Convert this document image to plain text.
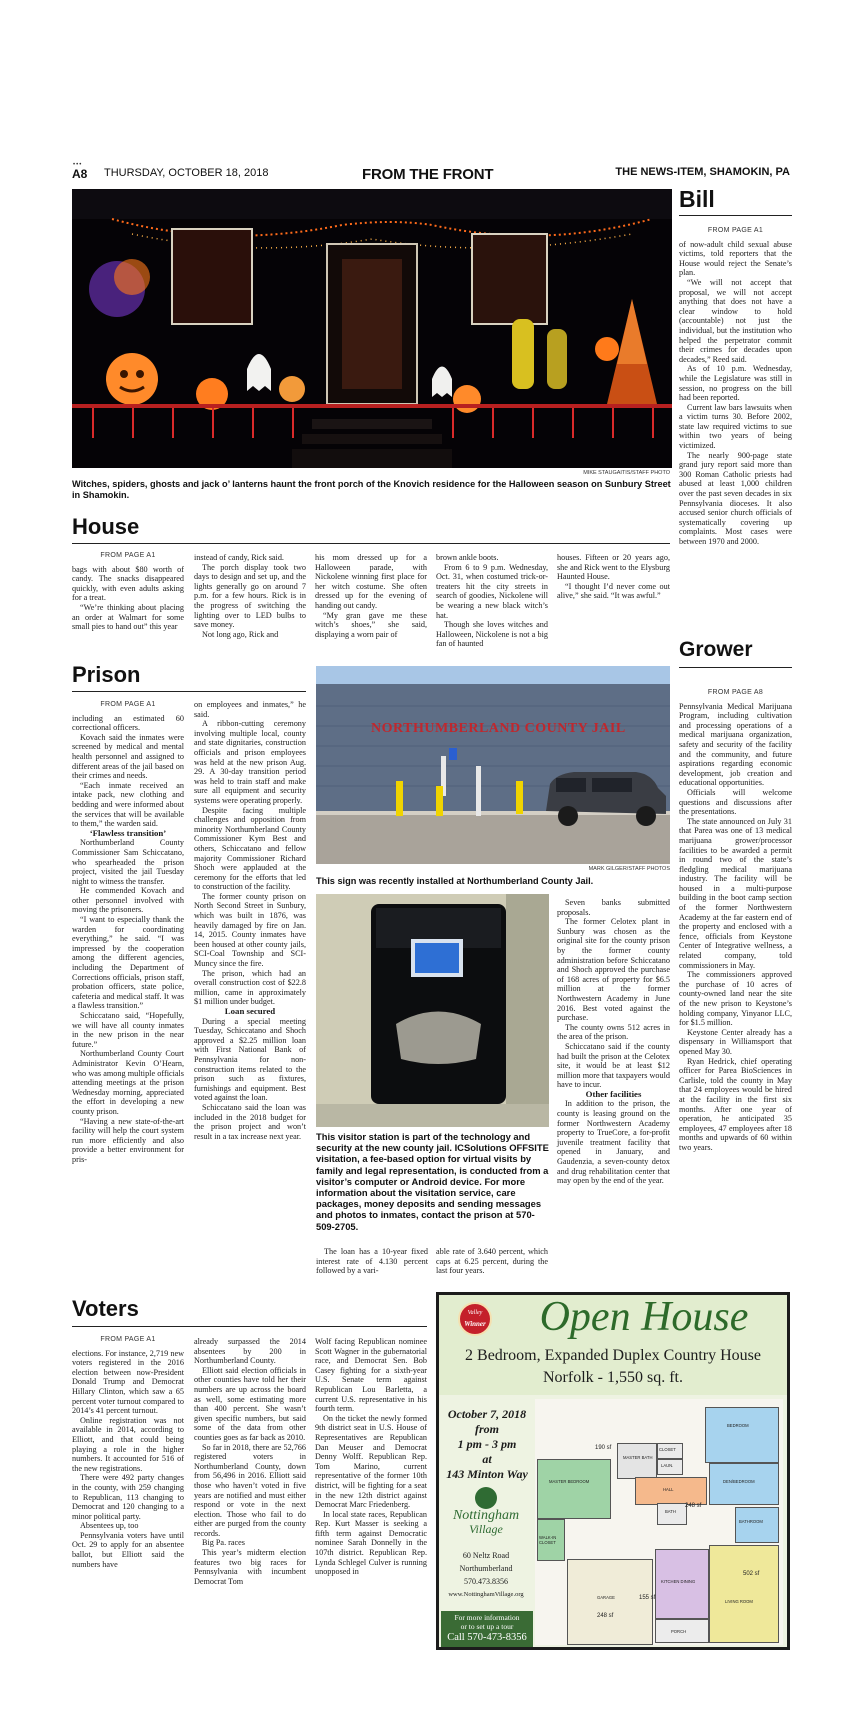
•••
A8 THURSDAY, OCTOBER 18, 2018	FROM THE FRONT	THE NEWS-ITEM, SHAMOKIN, PA
MIKE STAUGAITIS/STAFF PHOTO
Witches, spiders, ghosts and jack o’ lanterns haunt the front porch of the Knovich residence for the Halloween season on Sunbury Street in Shamokin.
Bill
FROM PAGE A1

of now-adult child sexual abuse victims, told reporters that the House would reject the Senate’s plan.

“We will not accept that proposal, we will not accept anything that does not have a clear window to hold (accountable) not just the individual, but the institution who helped the perpetrator commit their crimes for decades upon decades,” Reed said.

As of 10 p.m. Wednesday, while the Legislature was still in session, no progress on the bill had been reported.

Current law bars lawsuits when a victim turns 30. Before 2002, state law required victims to sue within two years of being victimized.

The nearly 900-page state grand jury report said more than 300 Roman Catholic priests had abused at least 1,000 children over the past seven decades in six Pennsylvania dioceses. It also accused senior church officials of systematically covering up complaints. Most cases were between 1970 and 2000.

House
FROM PAGE A1

bags with about $80 worth of candy. The snacks disappeared quickly, with even adults asking for a treat.

“We’re thinking about placing an order at Walmart for some small pies to hand out” this year

instead of candy, Rick said.

The porch display took two days to design and set up, and the lights generally go on around 7 p.m. for a few hours. Rick is in the progress of switching the lighting over to LED bulbs to save money.

Not long ago, Rick and

his mom dressed up for a Halloween parade, with Nickolene winning first place for her witch costume. She often dressed up for the evening of handing out candy.

“My gran gave me these witch’s shoes,” she said, displaying a worn pair of

brown ankle boots.

From 6 to 9 p.m. Wednesday, Oct. 31, when costumed trick-or-treaters hit the city streets in search of goodies, Nickolene will be wearing a new black witch’s hat.

Though she loves witches and Halloween, Nickolene is not a big fan of haunted

houses. Fifteen or 20 years ago, she and Rick went to the Elysburg Haunted House.

“I thought I’d never come out alive,” she said. “It was awful.”

Prison
FROM PAGE A1

including an estimated 60 correctional officers.

Kovach said the inmates were screened by medical and mental health personnel and assigned to different areas of the jail based on their crimes and needs.

“Each inmate received an intake pack, new clothing and bedding and were informed about the services that will be available to them,” the warden said.

‘Flawless transition’

Northumberland County Commissioner Sam Schiccatano, who spearheaded the prison project, visited the jail Tuesday night to witness the transfer.

He commended Kovach and other personnel involved with moving the prisoners.

“I want to especially thank the warden for coordinating everything,” he said. “I was impressed by the cooperation among the different agencies, including the Department of Corrections officials, prison staff, probation officers, state police, cafeteria and medical staff. It was a flawless transition.”

Schiccatano said, “Hopefully, we will have all county inmates in the new prison in the near future.”

Northumberland County Court Administrator Kevin O’Hearn, who was among multiple officials attending meetings at the prison Wednesday morning, appreciated the effort in developing a new county prison.

“Having a new state-of-the-art facility will help the court system run more efficiently and also provide a better environment for pris-

on employees and inmates,” he said.

A ribbon-cutting ceremony involving multiple local, county and state dignitaries, construction officials and prison employees was held at the new prison Aug. 29. A 30-day transition period was held to train staff and make sure all equipment and security systems were operating properly.

Despite facing multiple challenges and opposition from minority Northumberland County Commissioner Kym Best and others, Schiccatano and fellow majority Commissioner Richard Shoch were applauded at the ceremony for the efforts that led to construction of the facility.

The former county prison on North Second Street in Sunbury, which was built in 1876, was heavily damaged by fire on Jan. 14, 2015. County inmates have been housed at other county jails, SCI-Coal Township and SCI-Muncy since the fire.

The prison, which had an overall construction cost of $22.8 million, came in approximately $1 million under budget.

Loan secured

During a special meeting Tuesday, Schiccatano and Shoch approved a $2.25 million loan with First National Bank of Pennsylvania for non-construction items related to the prison such as fixtures, furnishings and equipment. Best voted against the loan.

Schiccatano said the loan was included in the 2018 budget for the prison project and won’t result in a tax increase next year.

NORTHUMBERLAND COUNTY JAIL
MARK GILGER/STAFF PHOTOS
This sign was recently installed at Northumberland County Jail.
This visitor station is part of the technology and security at the new county jail. ICSolutions OFFSITE visitation, a fee-based option for virtual visits by family and legal representation, is conducted from a visitor’s computer or Android device. For more information about the visitation service, care packages, money deposits and sending messages and photos to inmates, contact the prison at 570-509-2705.

Seven banks submitted proposals.

The former Celotex plant in Sunbury was chosen as the original site for the county prison by the former county administration before Schiccatano and Shoch approved the purchase of 168 acres of property for $6.5 million at the former Northwestern Academy in June 2016. Best voted against the purchase.

The county owns 512 acres in the area of the prison.

Schiccatano said if the county had built the prison at the Celotex site, it would be at least $12 million more that taxpayers would have to incur.

Other facilities

In addition to the prison, the county is leasing ground on the former Northwestern Academy property to TrueCore, a for-profit juvenile treatment facility that opened in January, and Gaudenzia, a seven-county detox and drug rehabilitation center that may open by the end of the year.

The loan has a 10-year fixed interest rate of 4.130 percent followed by a vari-

able rate of 3.640 percent, which caps at 6.25 percent, during the last four years.

Grower
FROM PAGE A8

Pennsylvania Medical Marijuana Program, including cultivation and processing operations of a medical marijuana organization, safety and security of the facility and the community, and future aspirations regarding economic development, job creation and educational opportunities.

Officials will welcome questions and discussions after the presentations.

The state announced on July 31 that Parea was one of 13 medical marijuana grower/processor facilities to be awarded a permit in round two of the state’s fledgling medical marijuana industry. The facility will be housed in a multi-purpose building in the boot camp section of the former Northwestern Academy at the far eastern end of the property and enclosed with a fence, officials from Keystone Center of Integrative wellness, a related company, told commissioners in May.

The commissioners approved the purchase of 10 acres of county-owned land near the site of the new prison to Keystone’s holding company, Yinyanor LLC, for $1.5 million.

Keystone Center already has a dispensary in Williamsport that opened May 30.

Ryan Hedrick, chief operating officer for Parea BioSciences in Carlisle, told the county in May that 24 employees would be hired at the facility in the first six months. After one year of operation, he anticipated 35 employees, 47 employees after 18 months and upwards of 60 within two years.

Voters
FROM PAGE A1

elections. For instance, 2,719 new voters registered in the 2016 election between now-President Donald Trump and Democrat Hillary Clinton, which saw a 65 percent voter turnout compared to 2014’s 41 percent turnout.

Online registration was not available in 2014, according to Elliott, and that could being playing a role in the higher numbers. It accounted for 516 of the new registrations.

There were 492 party changes in the county, with 259 changing to Republican, 113 changing to Democrat and 120 changing to a minor political party.

Absentees up, too

Pennsylvania voters have until Oct. 29 to apply for an absentee ballot, but Elliott said the numbers have

already surpassed the 2014 absentees by 200 in Northumberland County.

Elliott said election officials in other counties have told her their numbers are up across the board as well, some estimating more than 400 percent. She wasn’t given specific numbers, but said some of the data from other counties goes as far back as 2010.

So far in 2018, there are 52,766 registered voters in Northumberland County, down from 56,496 in 2016. Elliott said those who haven’t voted in five years are notified and must either respond or vote in the next election. Those who fail to do either are purged from the county records.

Big Pa. races

This year’s midterm election features two big races for Pennsylvania with incumbent Democrat Tom

Wolf facing Republican nominee Scott Wagner in the gubernatorial race, and Democrat Sen. Bob Casey fighting for a sixth-year U.S. Senate term against Republican Lou Barletta, a current U.S. representative in his fourth term.

On the ticket the newly formed 9th district seat in U.S. House of Representatives are Republican Dan Meuser and Democrat Denny Wolff. Republican Rep. Tom Marino, current representative of the former 10th district, will be fighting for a seat in the new 12th district against Democrat Marc Friedenberg.

In local state races, Republican Rep. Kurt Masser is seeking a fifth term against Democratic nominee Sarah Donnelly in the 107th district. Republican Rep. Lynda Schlegel Culver is running unopposed in

Valley
Winner	Open House
2 Bedroom, Expanded Duplex Country House
Norfolk - 1,550 sq. ft.
October 7, 2018
from
1 pm - 3 pm
at
143 Minton Way
Nottingham
Village
60 Neltz Road
Northumberland
570.473.8356
www.NottinghamVillage.org
For more information
or to set up a tour
Call 570-473-8356
MASTER BEDROOM
MASTER BATH
BEDROOM
CLOSET
LAUN.
HALL
BATH
DEN/BEDROOM
BATHROOM
WALK-IN CLOSET
GARAGE
KITCHEN DINING
LIVING ROOM
PORCH
190 sf
248 sf
502 sf
248 sf
155 sf
